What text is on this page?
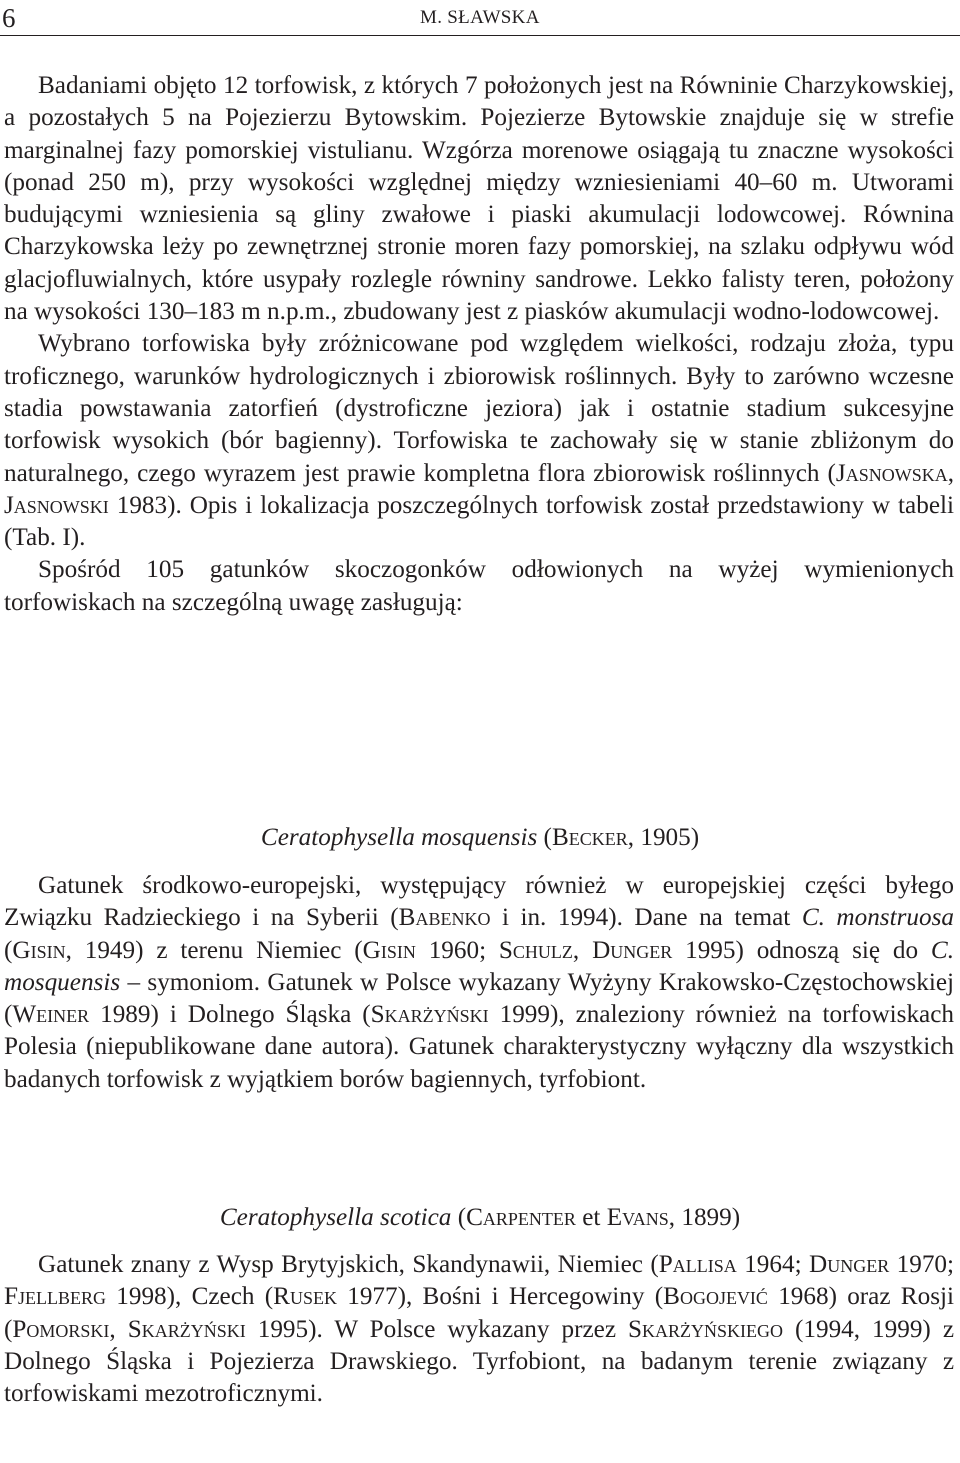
6	M. SŁAWSKA

Badaniami objęto 12 torfowisk, z których 7 położonych jest na Równinie Charzykowskiej, a pozostałych 5 na Pojezierzu Bytowskim. Pojezierze Bytowskie znajduje się w strefie marginalnej fazy pomorskiej vistulianu. Wzgórza morenowe osiągają tu znaczne wysokości (ponad 250 m), przy wysokości względnej między wzniesieniami 40–60 m. Utworami budującymi wzniesienia są gliny zwałowe i piaski akumulacji lodowcowej. Równina Charzykowska leży po zewnętrznej stronie moren fazy pomorskiej, na szlaku odpływu wód glacjofluwialnych, które usypały rozlegle równiny sandrowe. Lekko falisty teren, położony na wysokości 130–183 m n.p.m., zbudowany jest z piasków akumulacji wodno-lodowcowej.

Wybrano torfowiska były zróżnicowane pod względem wielkości, rodzaju złoża, typu troficznego, warunków hydrologicznych i zbiorowisk roślinnych. Były to zarówno wczesne stadia powstawania zatorfień (dystroficzne jeziora) jak i ostatnie stadium sukcesyjne torfowisk wysokich (bór bagienny). Torfowiska te zachowały się w stanie zbliżonym do naturalnego, czego wyrazem jest prawie kompletna flora zbiorowisk roślinnych (Jasnowska, Jasnowski 1983). Opis i lokalizacja poszczególnych torfowisk został przedstawiony w tabeli (Tab. I).

Spośród 105 gatunków skoczogonków odłowionych na wyżej wymienionych torfowiskach na szczególną uwagę zasługują:

Ceratophysella mosquensis (Becker, 1905)

Gatunek środkowo-europejski, występujący również w europejskiej części byłego Związku Radzieckiego i na Syberii (Babenko i in. 1994). Dane na temat C. monstruosa (Gisin, 1949) z terenu Niemiec (Gisin 1960; Schulz, Dunger 1995) odnoszą się do C. mosquensis – symoniom. Gatunek w Polsce wykazany Wyżyny Krakowsko-Częstochowskiej (Weiner 1989) i Dolnego Śląska (Skarżyński 1999), znaleziony również na torfowiskach Polesia (niepublikowane dane autora). Gatunek charakterystyczny wyłączny dla wszystkich badanych torfowisk z wyjątkiem borów bagiennych, tyrfobiont.

Ceratophysella scotica (Carpenter et Evans, 1899)

Gatunek znany z Wysp Brytyjskich, Skandynawii, Niemiec (Pallisa 1964; Dunger 1970; Fjellberg 1998), Czech (Rusek 1977), Bośni i Hercegowiny (Bogojević 1968) oraz Rosji (Pomorski, Skarżyński 1995). W Polsce wykazany przez Skarżyńskiego (1994, 1999) z Dolnego Śląska i Pojezierza Drawskiego. Tyrfobiont, na badanym terenie związany z torfowiskami mezotroficznymi.
